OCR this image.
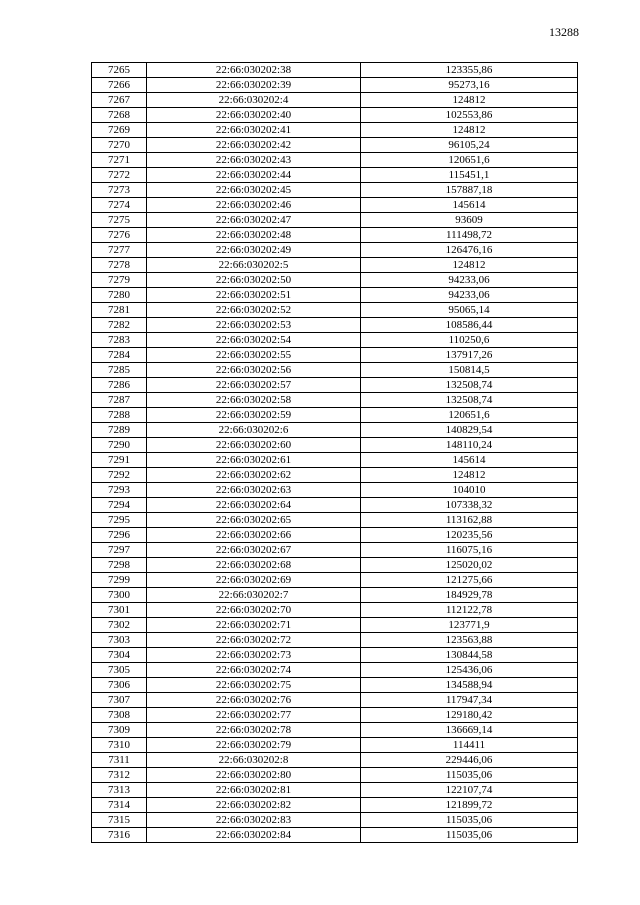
13288
7265	22:66:030202:38	123355,86
7266	22:66:030202:39	95273,16
7267	22:66:030202:4	124812
7268	22:66:030202:40	102553,86
7269	22:66:030202:41	124812
7270	22:66:030202:42	96105,24
7271	22:66:030202:43	120651,6
7272	22:66:030202:44	115451,1
7273	22:66:030202:45	157887,18
7274	22:66:030202:46	145614
7275	22:66:030202:47	93609
7276	22:66:030202:48	111498,72
7277	22:66:030202:49	126476,16
7278	22:66:030202:5	124812
7279	22:66:030202:50	94233,06
7280	22:66:030202:51	94233,06
7281	22:66:030202:52	95065,14
7282	22:66:030202:53	108586,44
7283	22:66:030202:54	110250,6
7284	22:66:030202:55	137917,26
7285	22:66:030202:56	150814,5
7286	22:66:030202:57	132508,74
7287	22:66:030202:58	132508,74
7288	22:66:030202:59	120651,6
7289	22:66:030202:6	140829,54
7290	22:66:030202:60	148110,24
7291	22:66:030202:61	145614
7292	22:66:030202:62	124812
7293	22:66:030202:63	104010
7294	22:66:030202:64	107338,32
7295	22:66:030202:65	113162,88
7296	22:66:030202:66	120235,56
7297	22:66:030202:67	116075,16
7298	22:66:030202:68	125020,02
7299	22:66:030202:69	121275,66
7300	22:66:030202:7	184929,78
7301	22:66:030202:70	112122,78
7302	22:66:030202:71	123771,9
7303	22:66:030202:72	123563,88
7304	22:66:030202:73	130844,58
7305	22:66:030202:74	125436,06
7306	22:66:030202:75	134588,94
7307	22:66:030202:76	117947,34
7308	22:66:030202:77	129180,42
7309	22:66:030202:78	136669,14
7310	22:66:030202:79	114411
7311	22:66:030202:8	229446,06
7312	22:66:030202:80	115035,06
7313	22:66:030202:81	122107,74
7314	22:66:030202:82	121899,72
7315	22:66:030202:83	115035,06
7316	22:66:030202:84	115035,06
